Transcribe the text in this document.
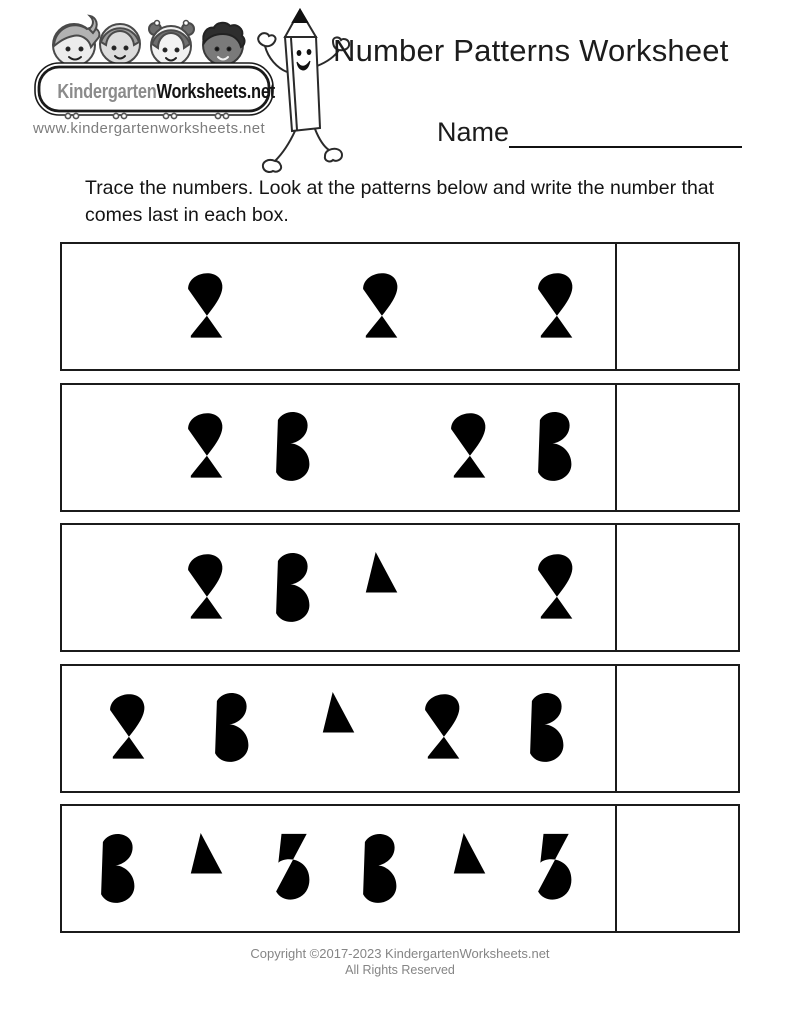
KindergartenWorksheets.net
www.kindergartenworksheets.net
Number Patterns Worksheet
Name
Trace the numbers. Look at the patterns below and write the number that comes last in each box.
Copyright ©2017-2023 KindergartenWorksheets.net
All Rights Reserved
